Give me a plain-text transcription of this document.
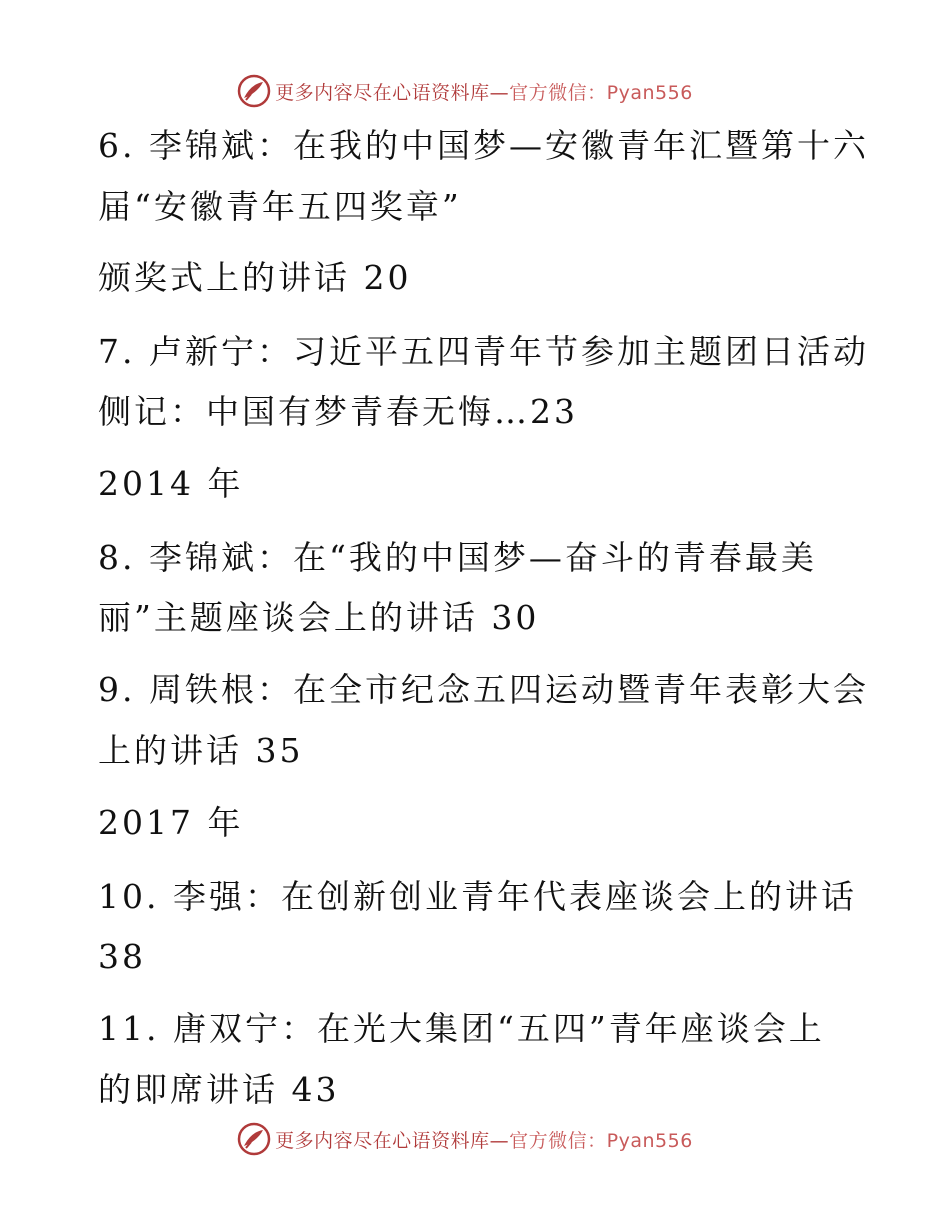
更多内容尽在心语资料库—官方微信：Pyan556
6. 李锦斌：在我的中国梦—安徽青年汇暨第十六
届“安徽青年五四奖章”
颁奖式上的讲话 20
7. 卢新宁：习近平五四青年节参加主题团日活动
侧记：中国有梦青春无悔…23
2014 年
8. 李锦斌：在“我的中国梦—奋斗的青春最美
丽”主题座谈会上的讲话 30
9. 周铁根：在全市纪念五四运动暨青年表彰大会
上的讲话 35
2017 年
10. 李强：在创新创业青年代表座谈会上的讲话
38
11. 唐双宁：在光大集团“五四”青年座谈会上
的即席讲话 43
更多内容尽在心语资料库—官方微信：Pyan556
